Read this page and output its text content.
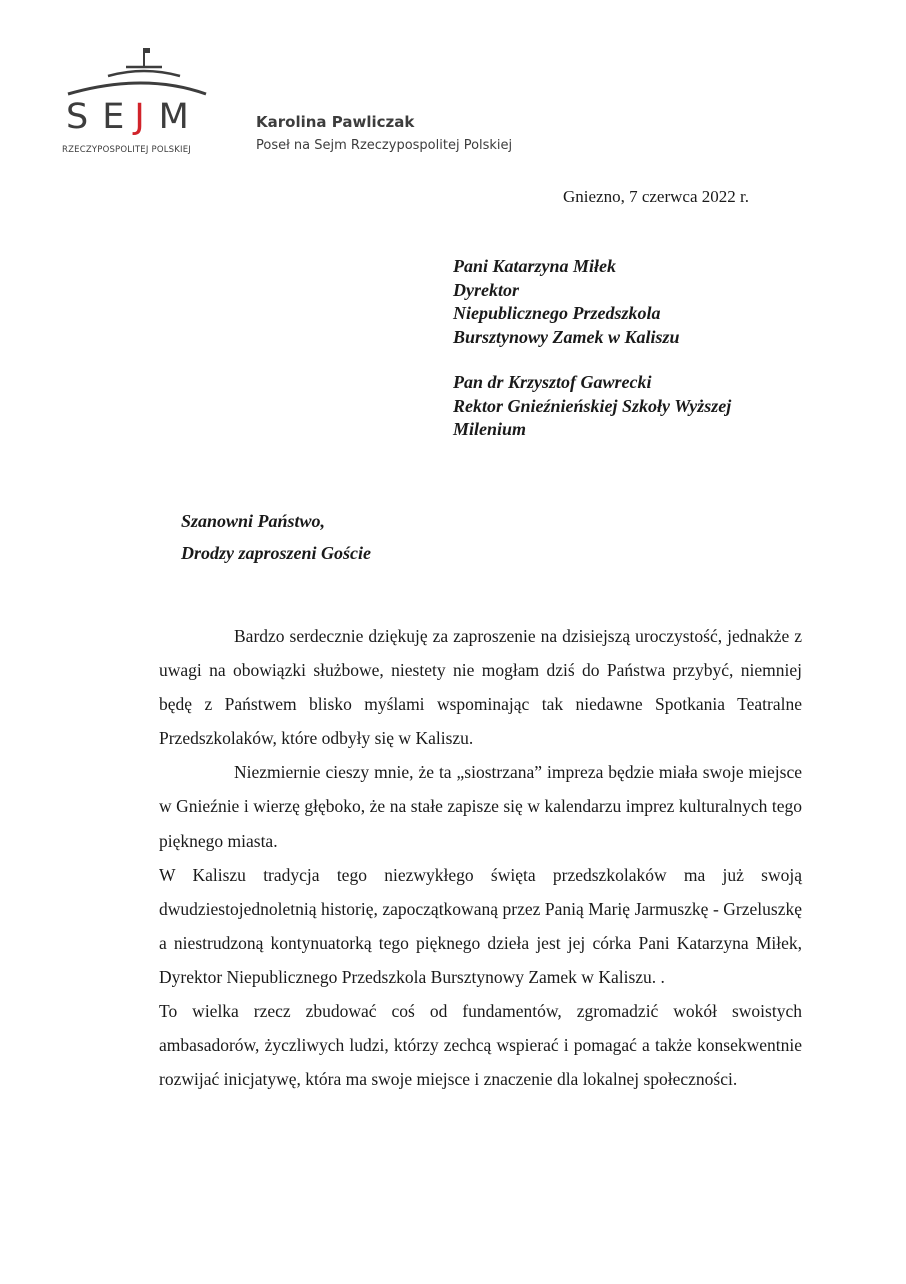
S E J M
RZECZYPOSPOLITEJ POLSKIEJ
Karolina Pawliczak
Poseł na Sejm Rzeczypospolitej Polskiej
Gniezno, 7 czerwca 2022 r.
Pani Katarzyna Miłek
Dyrektor
Niepublicznego Przedszkola
Bursztynowy Zamek w Kaliszu
Pan dr Krzysztof Gawrecki
Rektor Gnieźnieńskiej Szkoły Wyższej
Milenium
Szanowni Państwo,
Drodzy zaproszeni Goście

Bardzo serdecznie dziękuję za zaproszenie na dzisiejszą uroczystość, jednakże z uwagi na obowiązki służbowe, niestety nie mogłam dziś do Państwa przybyć, niemniej będę z Państwem blisko myślami wspominając tak niedawne Spotkania Teatralne Przedszkolaków, które odbyły się w Kaliszu.

Niezmiernie cieszy mnie, że ta „siostrzana” impreza będzie miała swoje miejsce w Gnieźnie i wierzę głęboko, że na stałe zapisze się w kalendarzu imprez kulturalnych tego pięknego miasta.

W Kaliszu tradycja tego niezwykłego święta przedszkolaków ma już swoją dwudziestojednoletnią historię, zapoczątkowaną przez Panią Marię Jarmuszkę - Grzeluszkę a niestrudzoną kontynuatorką tego pięknego dzieła jest jej córka Pani Katarzyna Miłek, Dyrektor Niepublicznego Przedszkola Bursztynowy Zamek w Kaliszu. .

To wielka rzecz zbudować coś od fundamentów, zgromadzić wokół swoistych ambasadorów, życzliwych ludzi, którzy zechcą wspierać i pomagać a także konsekwentnie rozwijać inicjatywę, która ma swoje miejsce i znaczenie dla lokalnej społeczności.
